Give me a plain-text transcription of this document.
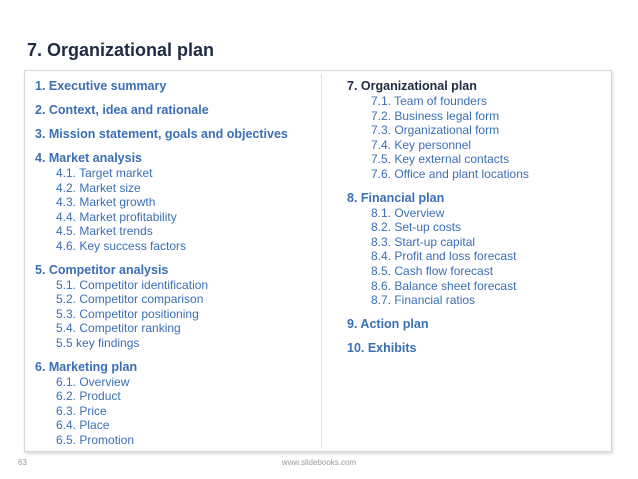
7. Organizational plan
1. Executive summary
2. Context, idea and rationale
3. Mission statement, goals and objectives
4. Market analysis
4.1. Target market
4.2. Market size
4.3. Market growth
4.4. Market profitability
4.5. Market trends
4.6. Key success factors
5. Competitor analysis
5.1. Competitor identification
5.2. Competitor comparison
5.3. Competitor positioning
5.4. Competitor ranking
5.5 key findings
6. Marketing plan
6.1. Overview
6.2. Product
6.3. Price
6.4. Place
6.5. Promotion
7. Organizational plan
7.1. Team of founders
7.2. Business legal form
7.3. Organizational form
7.4. Key personnel
7.5. Key external contacts
7.6. Office and plant locations
8. Financial plan
8.1. Overview
8.2. Set-up costs
8.3. Start-up capital
8.4. Profit and loss forecast
8.5. Cash flow forecast
8.6. Balance sheet forecast
8.7. Financial ratios
9. Action plan
10. Exhibits
63	www.slidebooks.com
